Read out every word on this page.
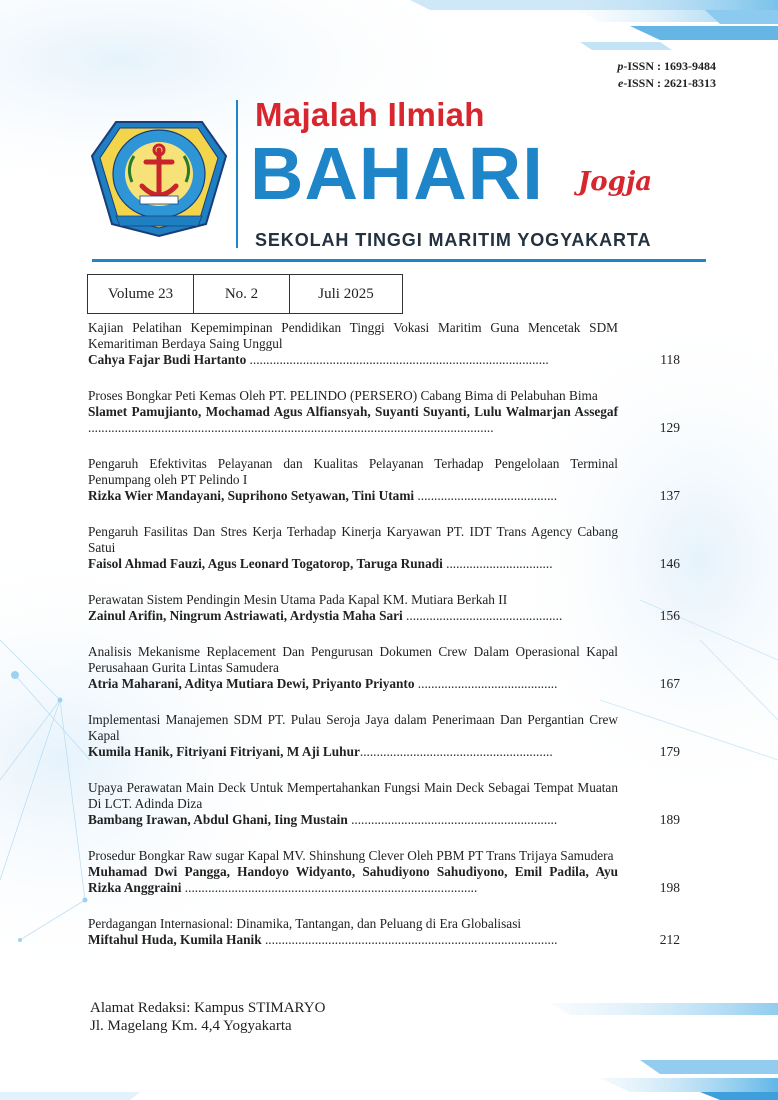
p-ISSN : 1693-9484
e-ISSN : 2621-8313
Majalah Ilmiah
BAHARI Jogja
SEKOLAH TINGGI MARITIM YOGYAKARTA
Volume 23	No. 2	Juli 2025
Kajian Pelatihan Kepemimpinan Pendidikan Tinggi Vokasi Maritim Guna Mencetak SDM Kemaritiman Berdaya Saing Unggul
Cahya Fajar Budi Hartanto ..........................................................................................	118
Proses Bongkar Peti Kemas Oleh PT. PELINDO (PERSERO) Cabang Bima di Pelabuhan Bima
Slamet Pamujianto, Mochamad Agus Alfiansyah, Suyanti Suyanti, Lulu Walmarjan Assegaf ..........................................................................................................................	129
Pengaruh Efektivitas Pelayanan dan Kualitas Pelayanan Terhadap Pengelolaan Terminal Penumpang oleh PT Pelindo I
Rizka Wier Mandayani, Suprihono Setyawan, Tini Utami ..........................................	137
Pengaruh Fasilitas Dan Stres Kerja Terhadap Kinerja Karyawan PT. IDT Trans Agency Cabang Satui
Faisol Ahmad Fauzi, Agus Leonard Togatorop, Taruga Runadi ................................	146
Perawatan Sistem Pendingin Mesin Utama Pada Kapal KM. Mutiara Berkah II
Zainul Arifin, Ningrum Astriawati, Ardystia Maha Sari ...............................................	156
Analisis Mekanisme Replacement Dan Pengurusan Dokumen Crew Dalam Operasional Kapal Perusahaan Gurita Lintas Samudera
Atria Maharani, Aditya Mutiara Dewi, Priyanto Priyanto ..........................................	167
Implementasi Manajemen SDM PT. Pulau Seroja Jaya dalam Penerimaan Dan Pergantian Crew Kapal
Kumila Hanik, Fitriyani Fitriyani, M Aji Luhur..........................................................	179
Upaya Perawatan Main Deck Untuk Mempertahankan Fungsi Main Deck Sebagai Tempat Muatan Di LCT. Adinda Diza
Bambang Irawan, Abdul Ghani, Iing Mustain ..............................................................	189
Prosedur Bongkar Raw sugar Kapal MV. Shinshung Clever Oleh PBM PT Trans Trijaya Samudera
Muhamad Dwi Pangga, Handoyo Widyanto, Sahudiyono Sahudiyono, Emil Padila, Ayu Rizka Anggraini ........................................................................................	198
Perdagangan Internasional: Dinamika, Tantangan, dan Peluang di Era Globalisasi
Miftahul Huda, Kumila Hanik ........................................................................................	212
Alamat Redaksi: Kampus STIMARYO
Jl. Magelang Km. 4,4 Yogyakarta
